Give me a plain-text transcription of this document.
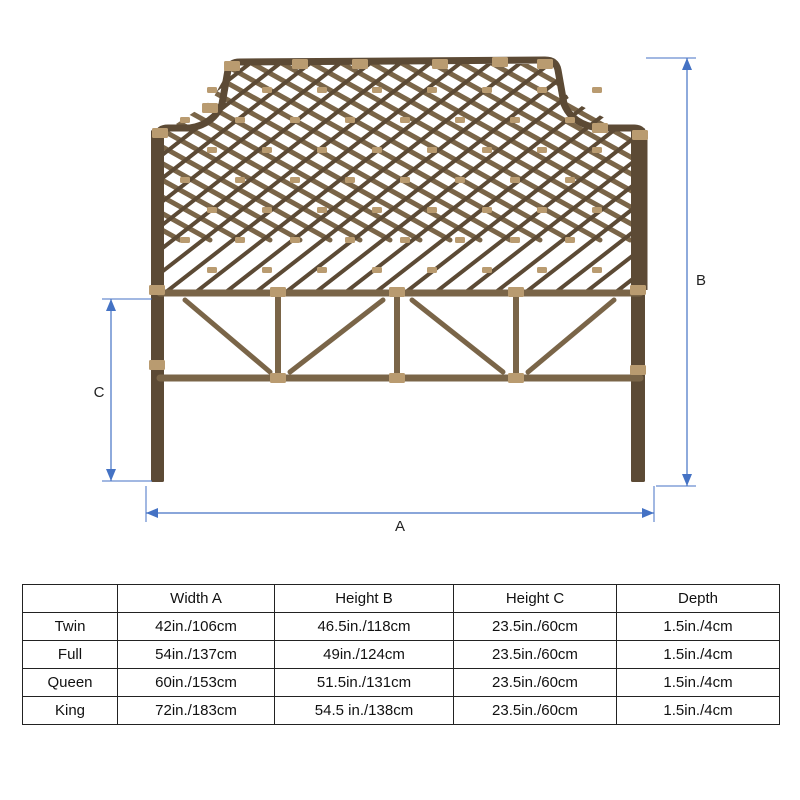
A
B
C
	Width A	Height B	Height C	Depth
Twin	42in./106cm	46.5in./118cm	23.5in./60cm	1.5in./4cm
Full	54in./137cm	49in./124cm	23.5in./60cm	1.5in./4cm
Queen	60in./153cm	51.5in./131cm	23.5in./60cm	1.5in./4cm
King	72in./183cm	54.5 in./138cm	23.5in./60cm	1.5in./4cm
